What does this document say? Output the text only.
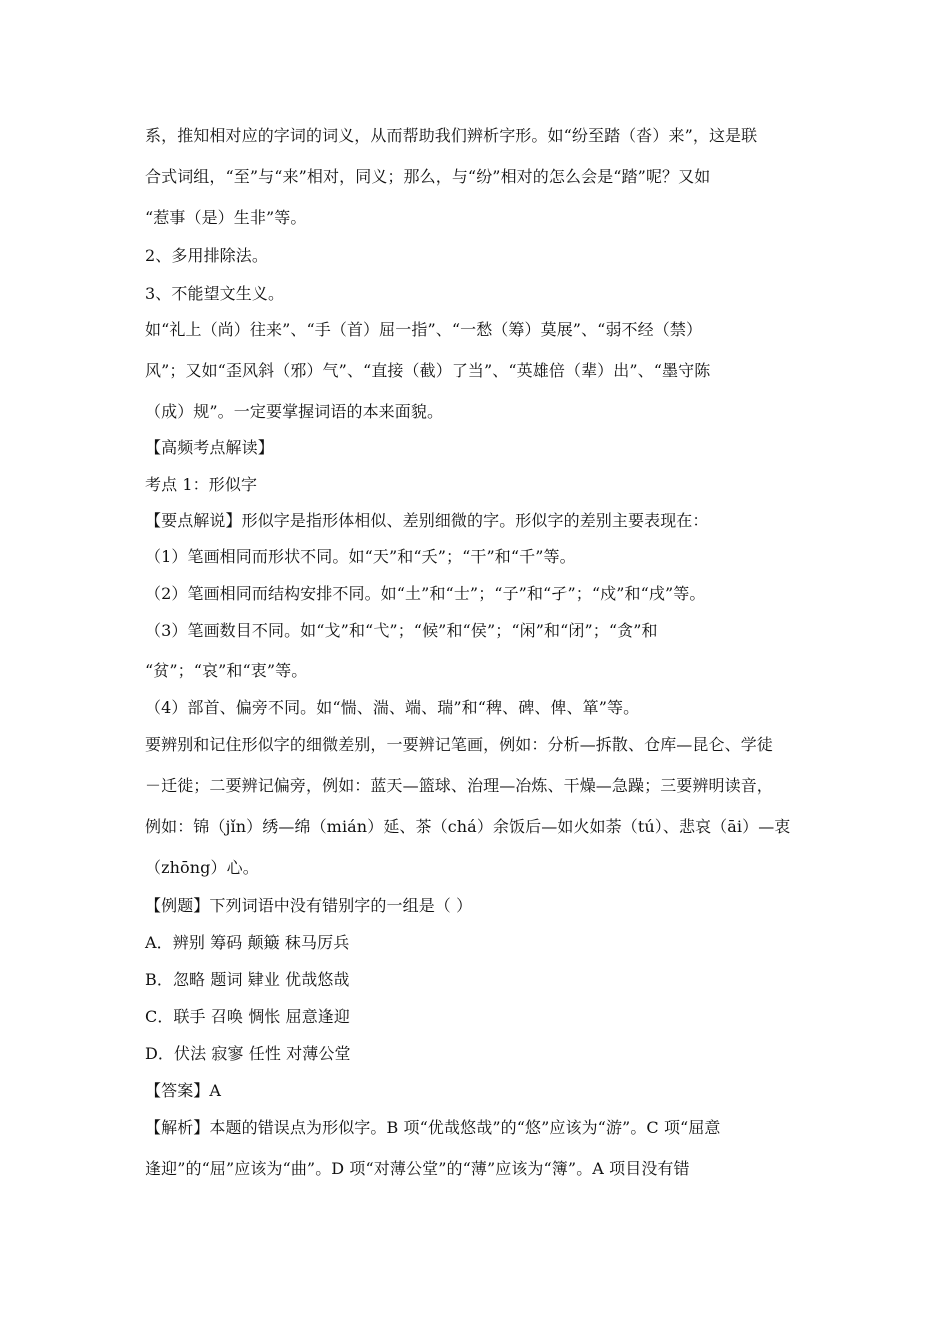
系，推知相对应的字词的词义，从而帮助我们辨析字形。如“纷至踏（沓）来”，这是联
合式词组，“至”与“来”相对，同义；那么，与“纷”相对的怎么会是“踏”呢？又如
“惹事（是）生非”等。
2、多用排除法。
3、不能望文生义。
如“礼上（尚）往来”、“手（首）屈一指”、“一愁（筹）莫展”、“弱不经（禁）
风”；又如“歪风斜（邪）气”、“直接（截）了当”、“英雄倍（辈）出”、“墨守陈
（成）规”。一定要掌握词语的本来面貌。
【高频考点解读】
考点 1：形似字
【要点解说】形似字是指形体相似、差别细微的字。形似字的差别主要表现在：
（1）笔画相同而形状不同。如“天”和“夭”；“干”和“千”等。
（2）笔画相同而结构安排不同。如“土”和“士”；“子”和“孑”；“戍”和“戌”等。
（3）笔画数目不同。如“戈”和“弋”；“候”和“侯”；“闲”和“闭”；“贪”和
“贫”；“哀”和“衷”等。
（4）部首、偏旁不同。如“惴、湍、端、瑞”和“稗、碑、俾、箪”等。
要辨别和记住形似字的细微差别，一要辨记笔画，例如：分析—拆散、仓库—昆仑、学徒
－迁徙；二要辨记偏旁，例如：蓝天—篮球、治理—冶炼、干燥—急躁；三要辨明读音，
例如：锦（jǐn）绣—绵（mián）延、茶（chá）余饭后—如火如荼（tú）、悲哀（āi）—衷
（zhōng）心。
【例题】下列词语中没有错别字的一组是（ ）
A．辨别 筹码 颠簸 秣马厉兵
B．忽略 题词 肄业 优哉悠哉
C．联手 召唤 惆怅 屈意逢迎
D．伏法 寂寥 任性 对薄公堂
【答案】A
【解析】本题的错误点为形似字。B 项“优哉悠哉”的“悠”应该为“游”。C 项“屈意
逢迎”的“屈”应该为“曲”。D 项“对薄公堂”的“薄”应该为“簿”。A 项目没有错
